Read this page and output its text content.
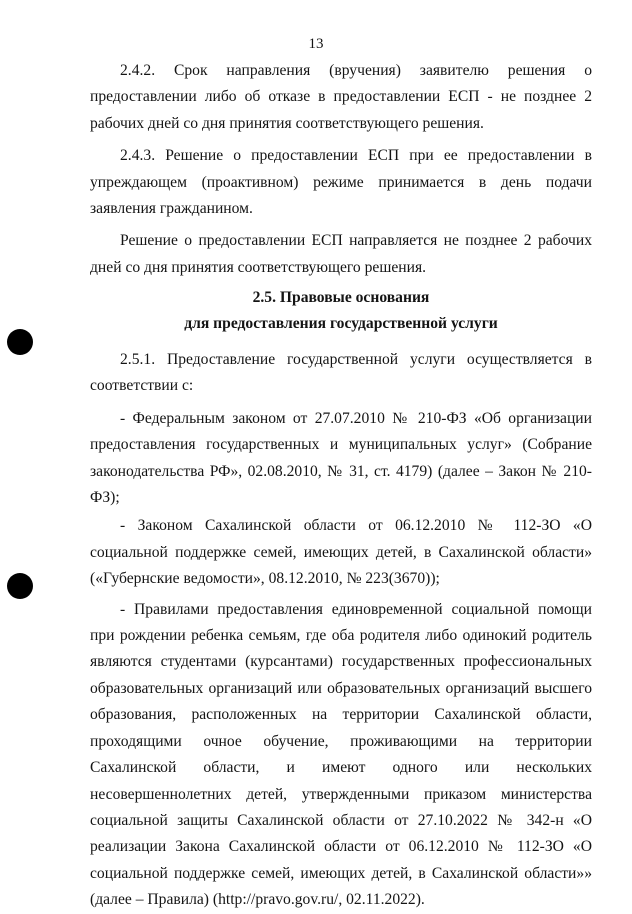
13

2.4.2. Срок направления (вручения) заявителю решения о предоставлении либо об отказе в предоставлении ЕСП - не позднее 2 рабочих дней со дня принятия соответствующего решения.

2.4.3. Решение о предоставлении ЕСП при ее предоставлении в упреждающем (проактивном) режиме принимается в день подачи заявления гражданином.

Решение о предоставлении ЕСП направляется не позднее 2 рабочих дней со дня принятия соответствующего решения.

2.5. Правовые основания
для предоставления государственной услуги

2.5.1. Предоставление государственной услуги осуществляется в соответствии с:

- Федеральным законом от 27.07.2010 № 210-ФЗ «Об организации предоставления государственных и муниципальных услуг» (Собрание законодательства РФ», 02.08.2010, № 31, ст. 4179) (далее – Закон № 210-ФЗ);

- Законом Сахалинской области от 06.12.2010 № 112-ЗО «О социальной поддержке семей, имеющих детей, в Сахалинской области» («Губернские ведомости», 08.12.2010, № 223(3670));

- Правилами предоставления единовременной социальной помощи при рождении ребенка семьям, где оба родителя либо одинокий родитель являются студентами (курсантами) государственных профессиональных образовательных организаций или образовательных организаций высшего образования, расположенных на территории Сахалинской области, проходящими очное обучение, проживающими на территории Сахалинской области, и имеют одного или нескольких несовершеннолетних детей, утвержденными приказом министерства социальной защиты Сахалинской области от 27.10.2022 № 342-н «О реализации Закона Сахалинской области от 06.12.2010 № 112-ЗО «О социальной поддержке семей, имеющих детей, в Сахалинской области»» (далее – Правила) (http://pravo.gov.ru/, 02.11.2022).
